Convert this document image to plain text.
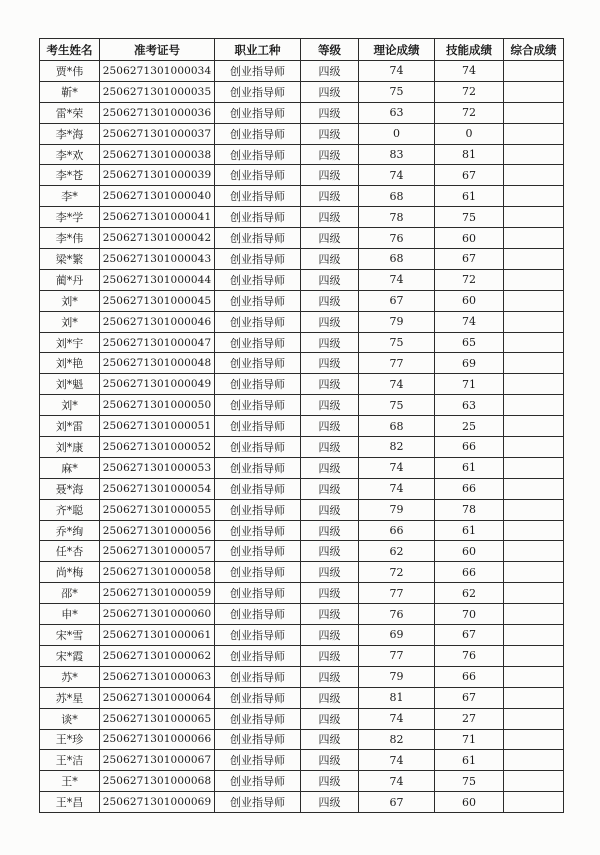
考生姓名	准考证号	职业工种	等级	理论成绩	技能成绩	综合成绩
贾*伟	2506271301000034	创业指导师	四级	74	74	
靳*	2506271301000035	创业指导师	四级	75	72	
雷*荣	2506271301000036	创业指导师	四级	63	72	
李*海	2506271301000037	创业指导师	四级	0	0	
李*欢	2506271301000038	创业指导师	四级	83	81	
李*苍	2506271301000039	创业指导师	四级	74	67	
李*	2506271301000040	创业指导师	四级	68	61	
李*学	2506271301000041	创业指导师	四级	78	75	
李*伟	2506271301000042	创业指导师	四级	76	60	
梁*繁	2506271301000043	创业指导师	四级	68	67	
蔺*丹	2506271301000044	创业指导师	四级	74	72	
刘*	2506271301000045	创业指导师	四级	67	60	
刘*	2506271301000046	创业指导师	四级	79	74	
刘*宇	2506271301000047	创业指导师	四级	75	65	
刘*艳	2506271301000048	创业指导师	四级	77	69	
刘*魁	2506271301000049	创业指导师	四级	74	71	
刘*	2506271301000050	创业指导师	四级	75	63	
刘*雷	2506271301000051	创业指导师	四级	68	25	
刘*康	2506271301000052	创业指导师	四级	82	66	
麻*	2506271301000053	创业指导师	四级	74	61	
聂*海	2506271301000054	创业指导师	四级	74	66	
齐*聪	2506271301000055	创业指导师	四级	79	78	
乔*绚	2506271301000056	创业指导师	四级	66	61	
任*杏	2506271301000057	创业指导师	四级	62	60	
尚*梅	2506271301000058	创业指导师	四级	72	66	
邵*	2506271301000059	创业指导师	四级	77	62	
申*	2506271301000060	创业指导师	四级	76	70	
宋*雪	2506271301000061	创业指导师	四级	69	67	
宋*霞	2506271301000062	创业指导师	四级	77	76	
苏*	2506271301000063	创业指导师	四级	79	66	
苏*星	2506271301000064	创业指导师	四级	81	67	
谈*	2506271301000065	创业指导师	四级	74	27	
王*珍	2506271301000066	创业指导师	四级	82	71	
王*洁	2506271301000067	创业指导师	四级	74	61	
王*	2506271301000068	创业指导师	四级	74	75	
王*昌	2506271301000069	创业指导师	四级	67	60	
